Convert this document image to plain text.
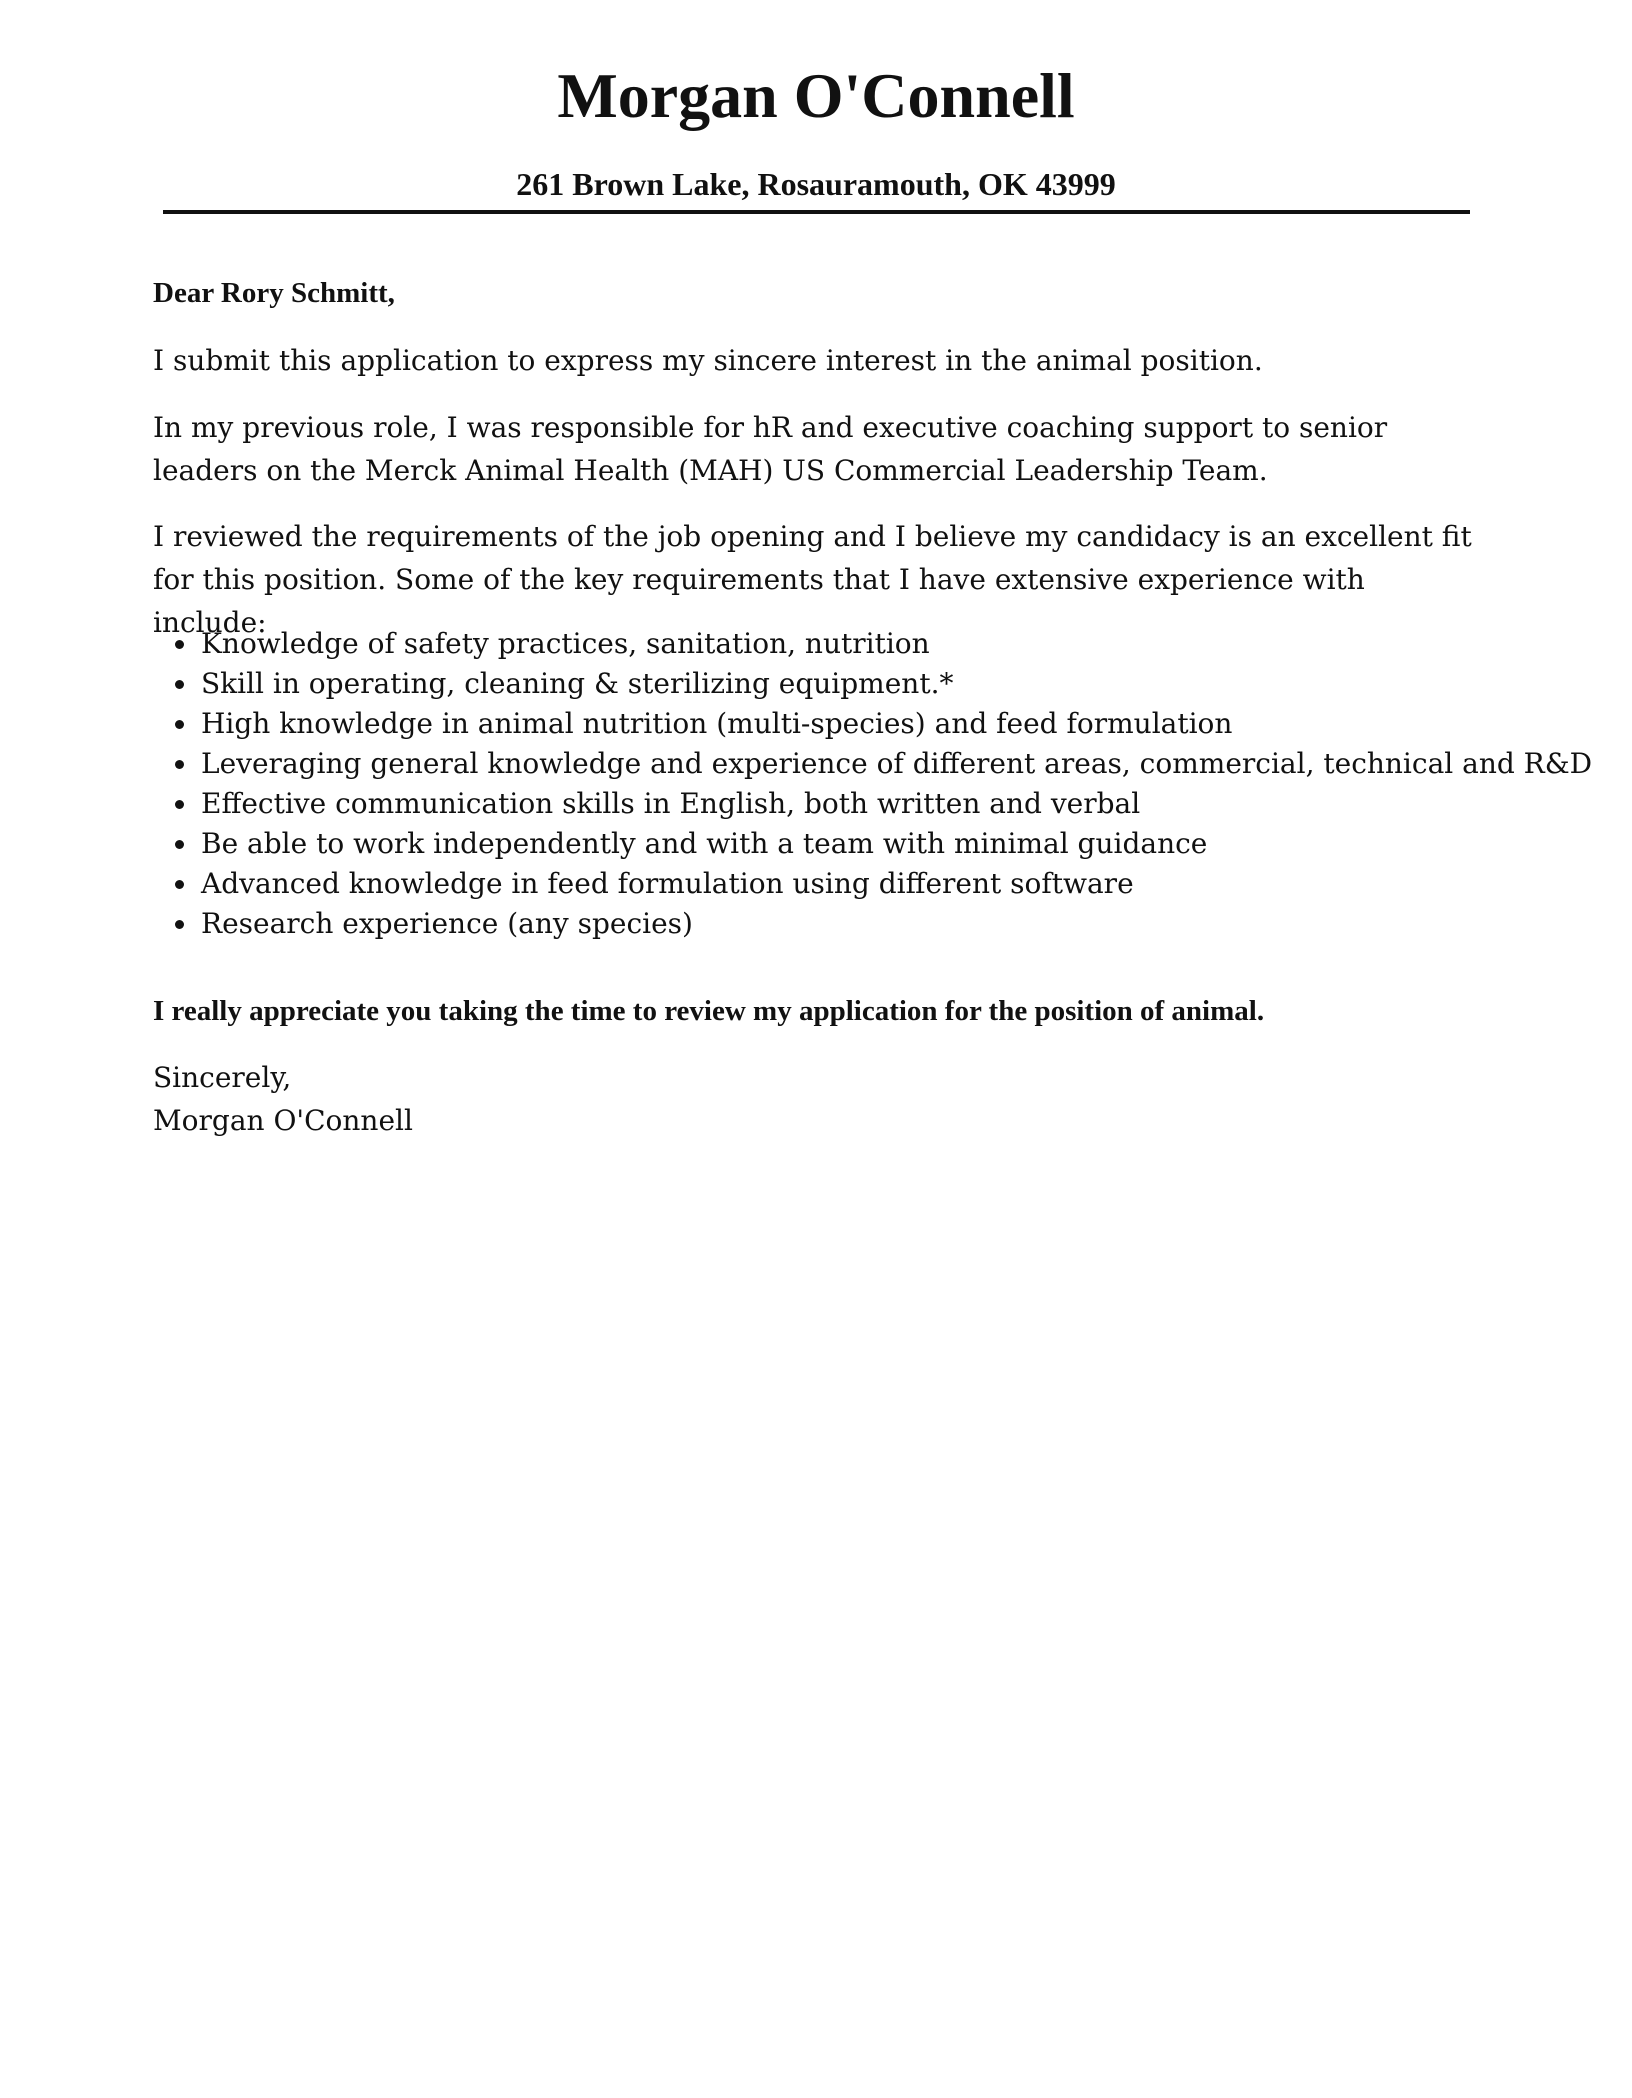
Morgan O'Connell
261 Brown Lake, Rosauramouth, OK 43999

Dear Rory Schmitt,

I submit this application to express my sincere interest in the animal position.

In my previous role, I was responsible for hR and executive coaching support to senior leaders on the Merck Animal Health (MAH) US Commercial Leadership Team.

I reviewed the requirements of the job opening and I believe my candidacy is an excellent fit for this position. Some of the key requirements that I have extensive experience with include:

Knowledge of safety practices, sanitation, nutrition
Skill in operating, cleaning & sterilizing equipment.*
High knowledge in animal nutrition (multi-species) and feed formulation
Leveraging general knowledge and experience of different areas, commercial, technical and R&D
Effective communication skills in English, both written and verbal
Be able to work independently and with a team with minimal guidance
Advanced knowledge in feed formulation using different software
Research experience (any species)

I really appreciate you taking the time to review my application for the position of animal.

Sincerely,

Morgan O'Connell
